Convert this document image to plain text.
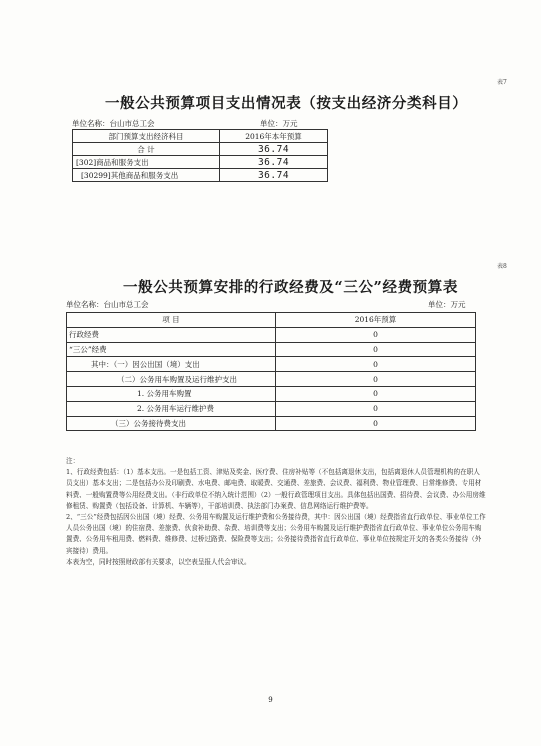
表7
一般公共预算项目支出情况表（按支出经济分类科目）
单位名称：台山市总工会	单位：万元
部门预算支出经济科目	2016年本年预算
合 计	36.74
[302]商品和服务支出	36.74
[30299]其他商品和服务支出	36.74
表8
一般公共预算安排的行政经费及“三公”经费预算表
单位名称：台山市总工会	单位：万元
项 目	2016年预算
行政经费	0
“三公”经费	0
其中：（一）因公出国（境）支出	0
（二）公务用车购置及运行维护支出	0
1. 公务用车购置	0
2. 公务用车运行维护费	0
（三）公务接待费支出	0

注：

1、行政经费包括：（1）基本支出。一是包括工资、津贴及奖金、医疗费、住房补贴等（不包括离退休支出，包括离退休人员管理机构的在职人员支出）基本支出；二是包括办公及印刷费、水电费、邮电费、取暖费、交通费、差旅费、会议费、福利费、物业管理费、日常维修费、专用材料费、一般购置费等公用经费支出。（非行政单位不纳入统计范围）（2）一般行政管理项目支出。具体包括出国费、招待费、会议费、办公用房维修租赁、购置费（包括设备、计算机、车辆等），干部培训费、执法部门办案费、信息网络运行维护费等。

2、“三公”经费包括因公出国（境）经费、公务用车购置及运行维护费和公务接待费，其中：因公出国（境）经费指省直行政单位、事业单位工作人员公务出国（境）的住宿费、差旅费、伙食补助费、杂费、培训费等支出；公务用车购置及运行维护费指省直行政单位、事业单位公务用车购置费、公务用车租用费、燃料费、维修费、过桥过路费、保险费等支出；公务接待费指省直行政单位、事业单位按规定开支的各类公务接待（外宾接待）费用。

本表为空，同时按照财政部有关要求，以空表呈报人代会审议。

9
